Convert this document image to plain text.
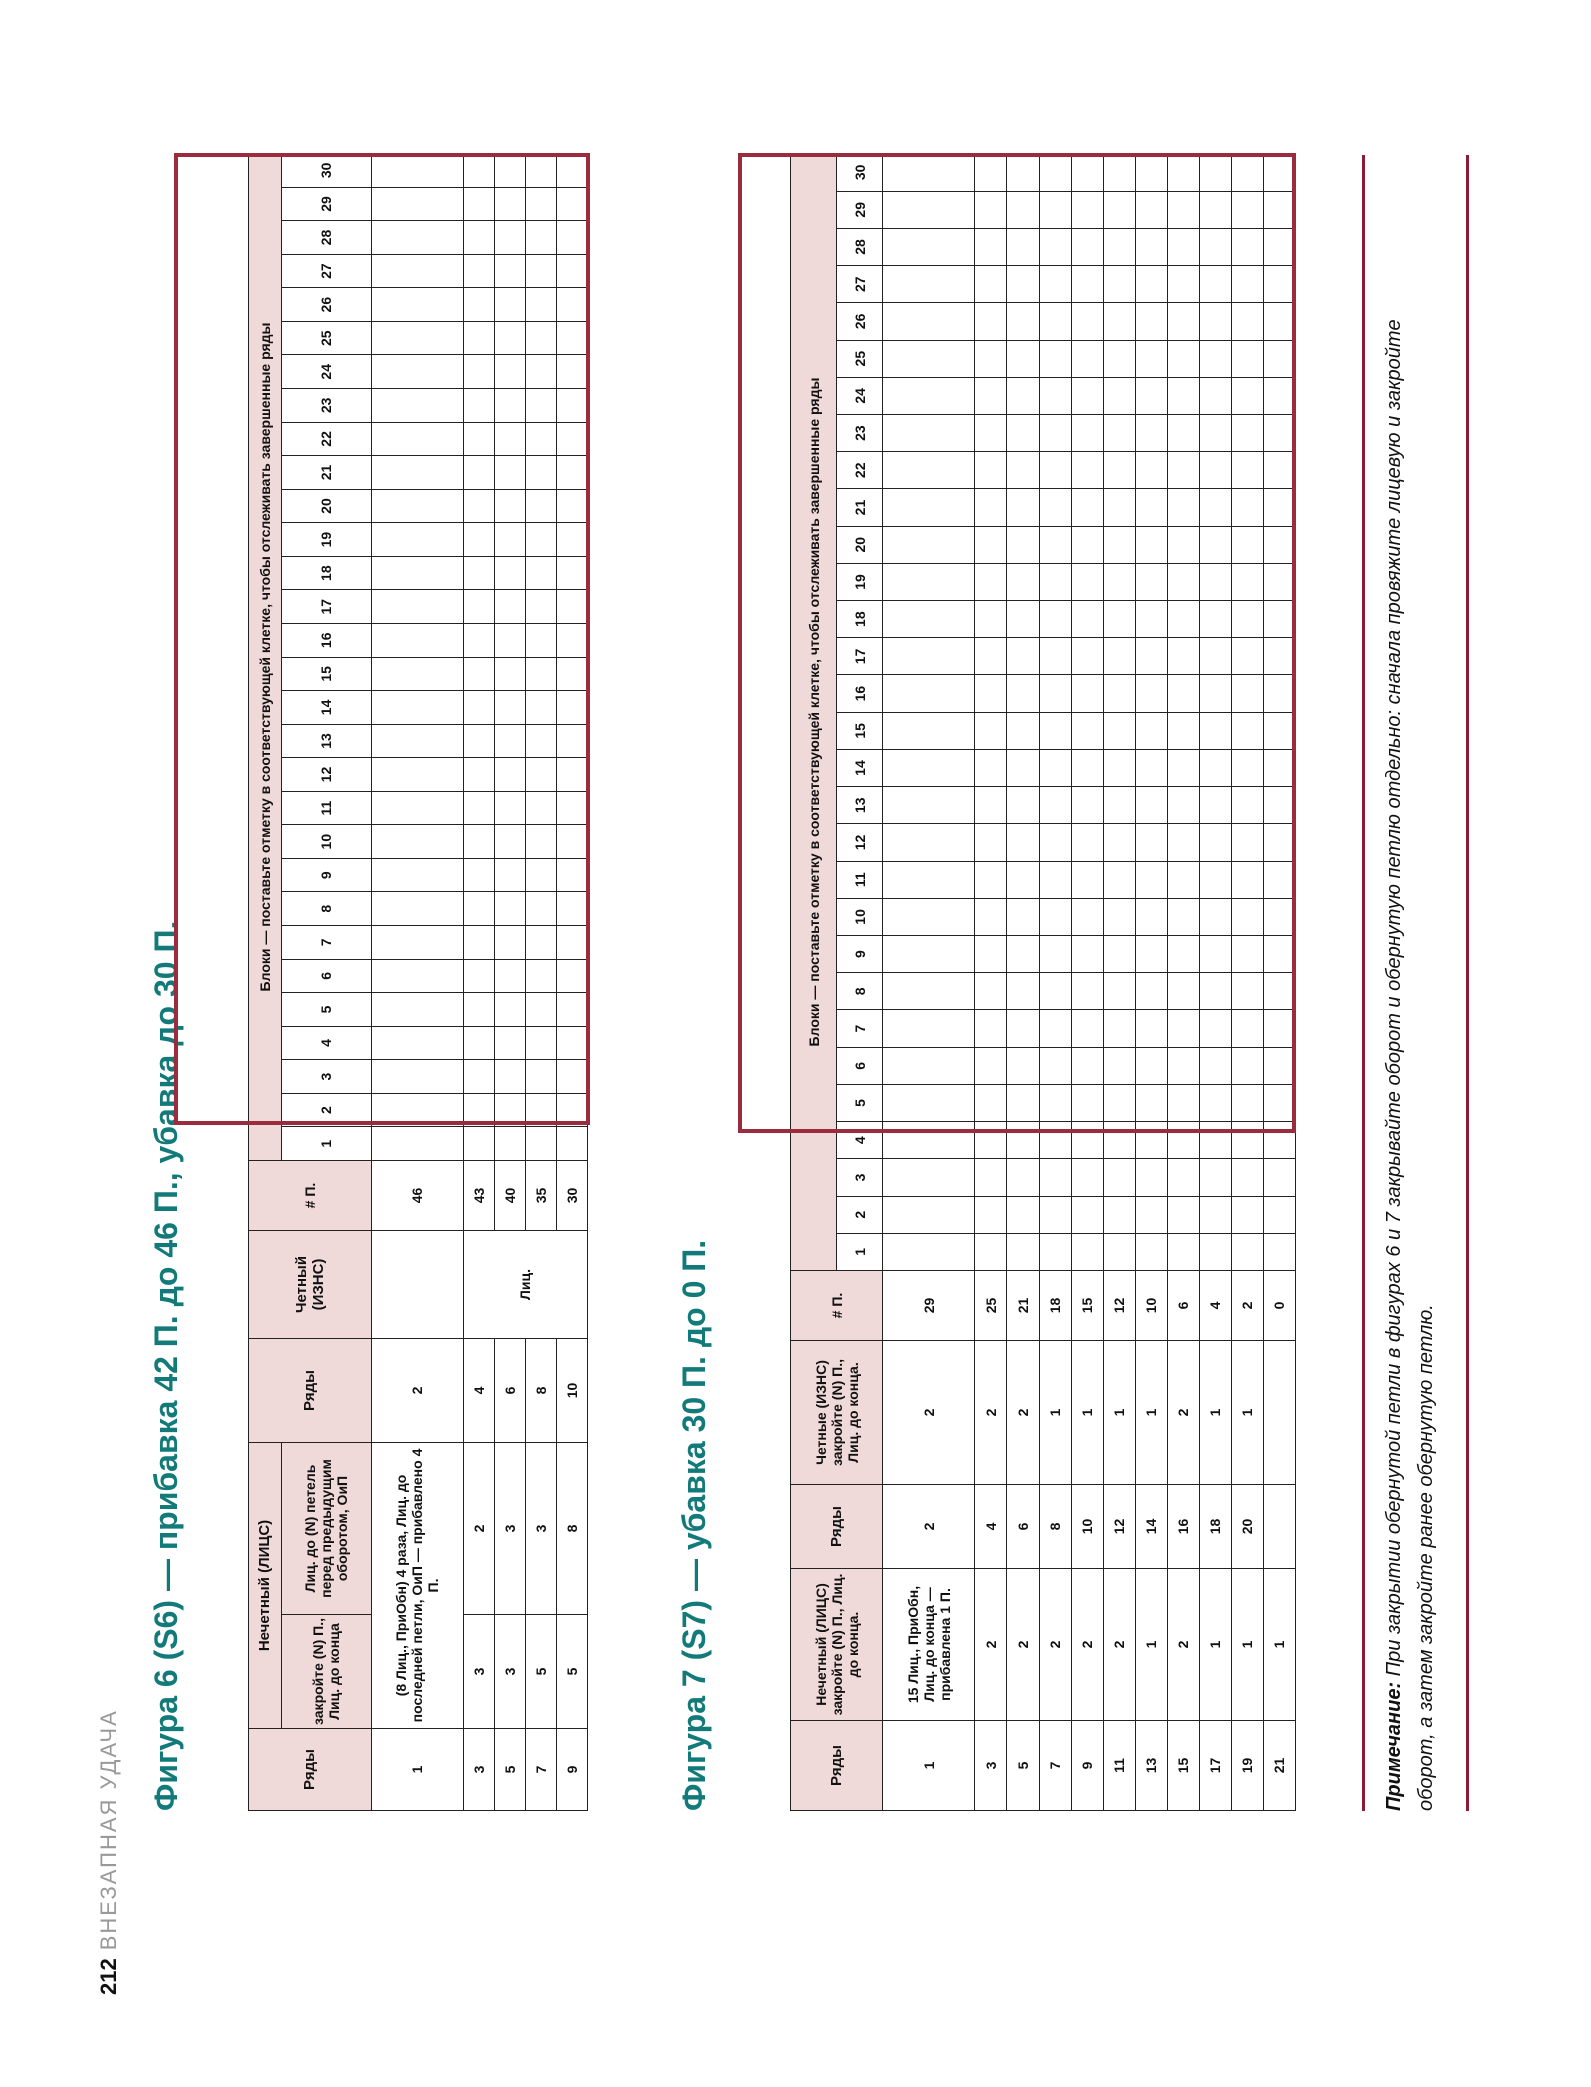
Фигура 6 (S6) — прибавка 42 П. до 46 П., убавка до 30 П.	Ряды	Нечетный (ЛИЦС)		Ряды	Четный (ИЗНС)	# П.	Блоки — поставьте отметку в соответствующей клетке, чтобы отслеживать завершенные ряды																													
	закройте (N) П., Лиц. до конца	Лиц. до (N) петель перед предыдущим оборотом, ОиП																																	
						1	2	3	4	5	6	7	8	9	10	11	12	13	14	15	16	17	18	19	20	21	22	23	24	25	26	27	28	29	30
1	(8 Лиц., ПриОбн) 4 раза, Лиц. до последней петли, ОиП — прибавлено 4 П.		2		46																														
3	3	2	4	Лиц.	43																														
5	3	3	6		40																														
7	5	3	8		35																														
9	5	8	10		30																														
Фигура 7 (S7) — убавка 30 П. до 0 П.	Ряды	Нечетный (ЛИЦС) закройте (N) П., Лиц. до конца.	Ряды	Четные (ИЗНС) закройте (N) П., Лиц. до конца.	# П.	Блоки — поставьте отметку в соответствующей клетке, чтобы отслеживать завершенные ряды																													
					1	2	3	4	5	6	7	8	9	10	11	12	13	14	15	16	17	18	19	20	21	22	23	24	25	26	27	28	29	30
1	15 Лиц., ПриОбн, Лиц. до конца — прибавлена 1 П.	2	2	29																														
3	2	4	2	25																														
5	2	6	2	21																														
7	2	8	1	18																														
9	2	10	1	15																														
11	2	12	1	12																														
13	1	14	1	10																														
15	2	16	2	6																														
17	1	18	1	4																														
19	1	20	1	2																														
21	1			0																														
Примечание: При закрытии обернутой петли в фигурах 6 и 7 закрывайте оборот и обернутую петлю отдельно: сначала провяжите лицевую и закройте оборот, а затем закройте ранее обернутую петлю.
212ВНЕЗАПНАЯ УДАЧА
